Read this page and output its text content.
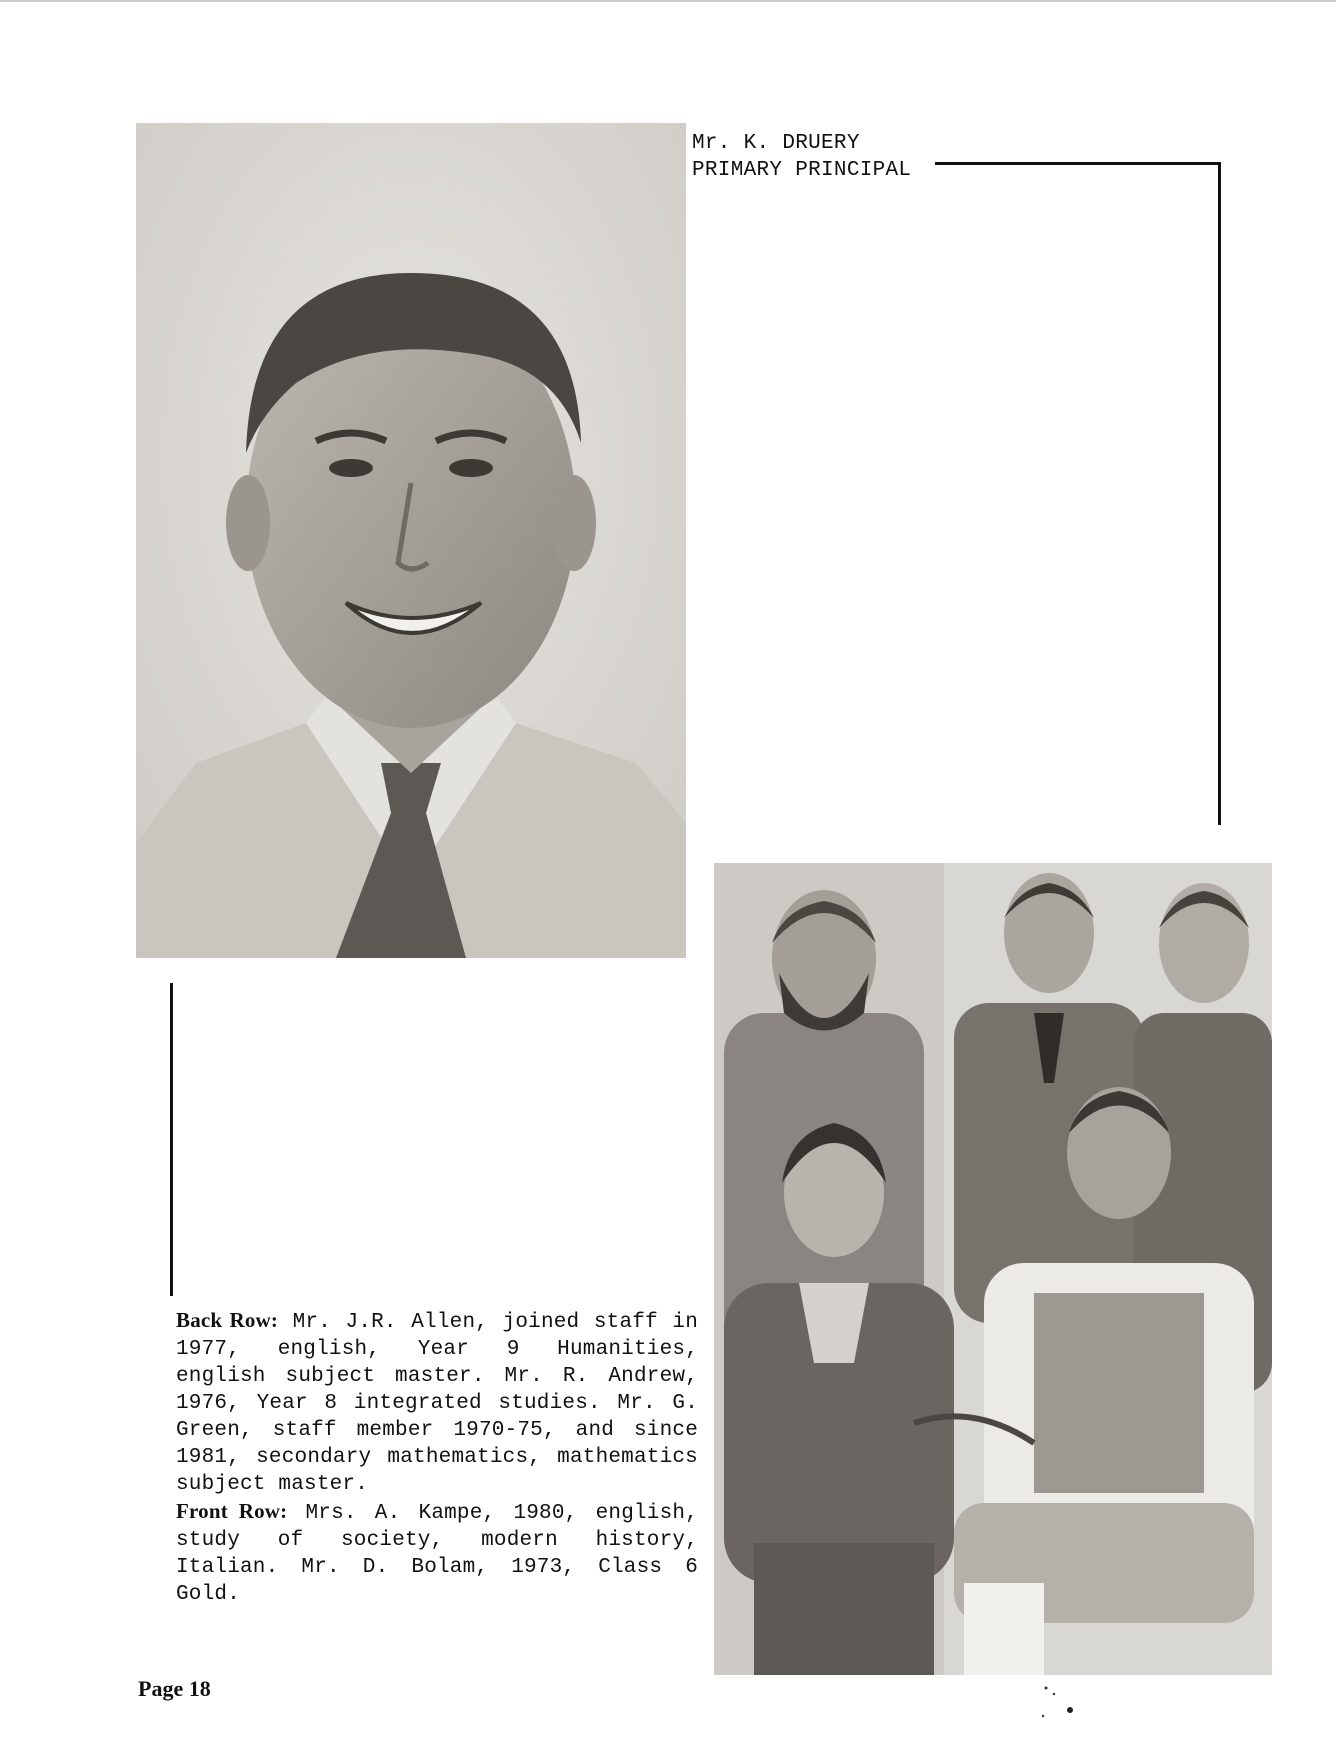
Mr. K. DRUERY
PRIMARY PRINCIPAL
Back Row: Mr. J.R. Allen, joined staff in 1977, english, Year 9 Humanities, english subject master. Mr. R. Andrew, 1976, Year 8 integrated studies. Mr. G. Green, staff member 1970-75, and since 1981, secondary mathematics, mathematics subject master.
Front Row: Mrs. A. Kampe, 1980, english, study of society, modern history, Italian. Mr. D. Bolam, 1973, Class 6 Gold.
Page 18
